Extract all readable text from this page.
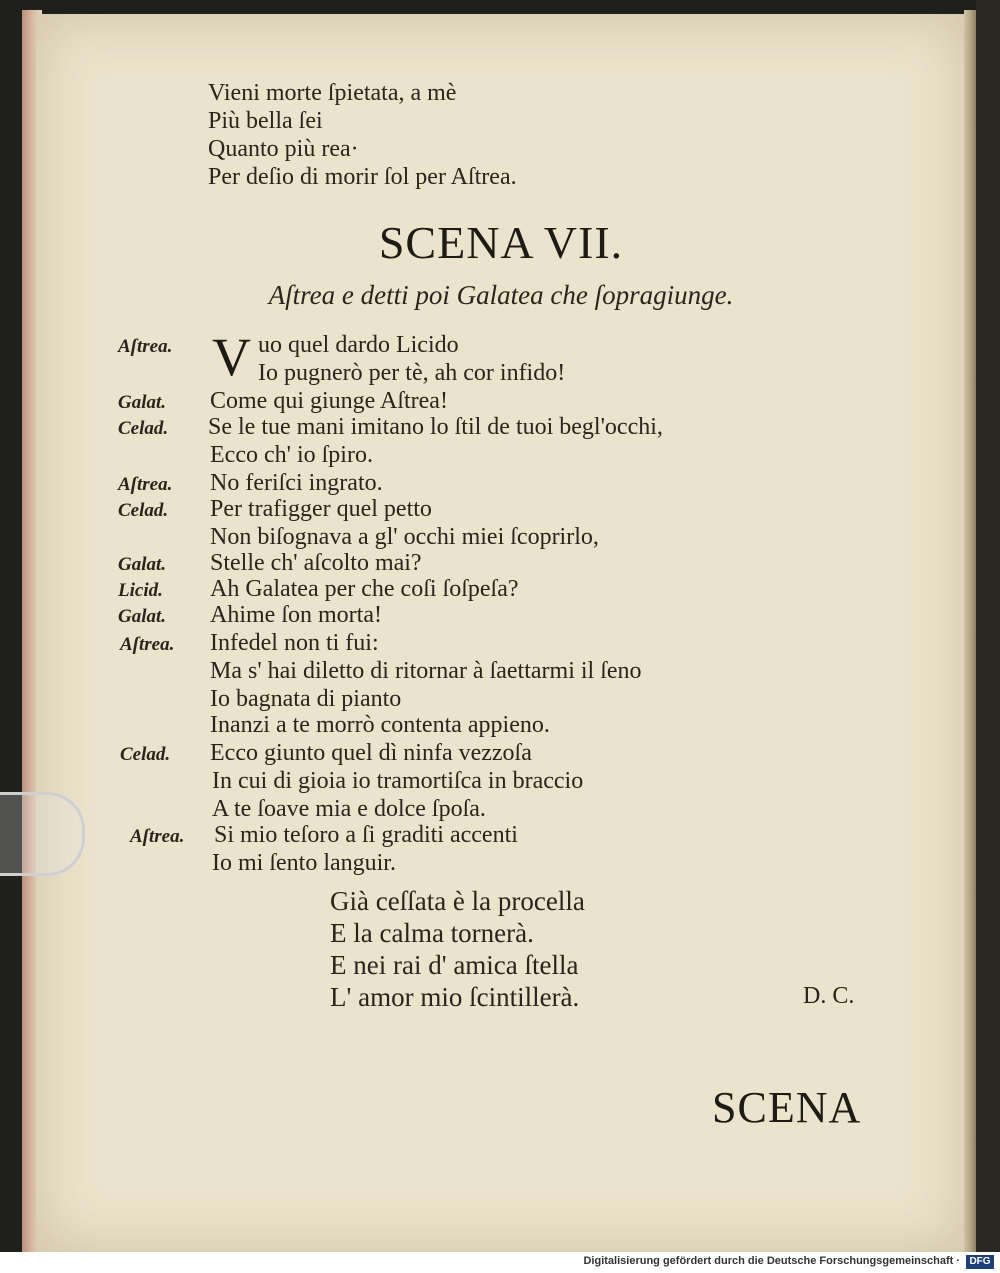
Vieni morte ſpietata, a mè
Più bella ſei
Quanto più rea·
Per deſio di morir ſol per Aſtrea.
SCENA VII.
Aſtrea e detti poi Galatea che ſopragiunge.
V
Aſtrea.	uo quel dardo Licido
Io pugnerò per tè, ah cor infido!
Galat. Come qui giunge Aſtrea!
Celad. Se le tue mani imitano lo ſtil de tuoi begl'occhi,
Ecco ch' io ſpiro.
Aſtrea. No feriſci ingrato.
Celad. Per trafigger quel petto
Non biſognava a gl' occhi miei ſcoprirlo,
Galat. Stelle ch' aſcolto mai?
Licid. Ah Galatea per che coſi ſoſpeſa?
Galat. Ahime ſon morta!
Aſtrea. Infedel non ti fui:
Ma s' hai diletto di ritornar à ſaettarmi il ſeno
Io bagnata di pianto
Inanzi a te morrò contenta appieno.
Celad. Ecco giunto quel dì ninfa vezzoſa
In cui di gioia io tramortiſca in braccio
A te ſoave mia e dolce ſpoſa.
Aſtrea. Si mio teſoro a ſi graditi accenti
Io mi ſento languir.
Già ceſſata è la procella
E la calma tornerà.
E nei rai d' amica ſtella
L' amor mio ſcintillerà.	D. C.
SCENA
Digitalisierung gefördert durch die Deutsche Forschungsgemeinschaft · DFG
